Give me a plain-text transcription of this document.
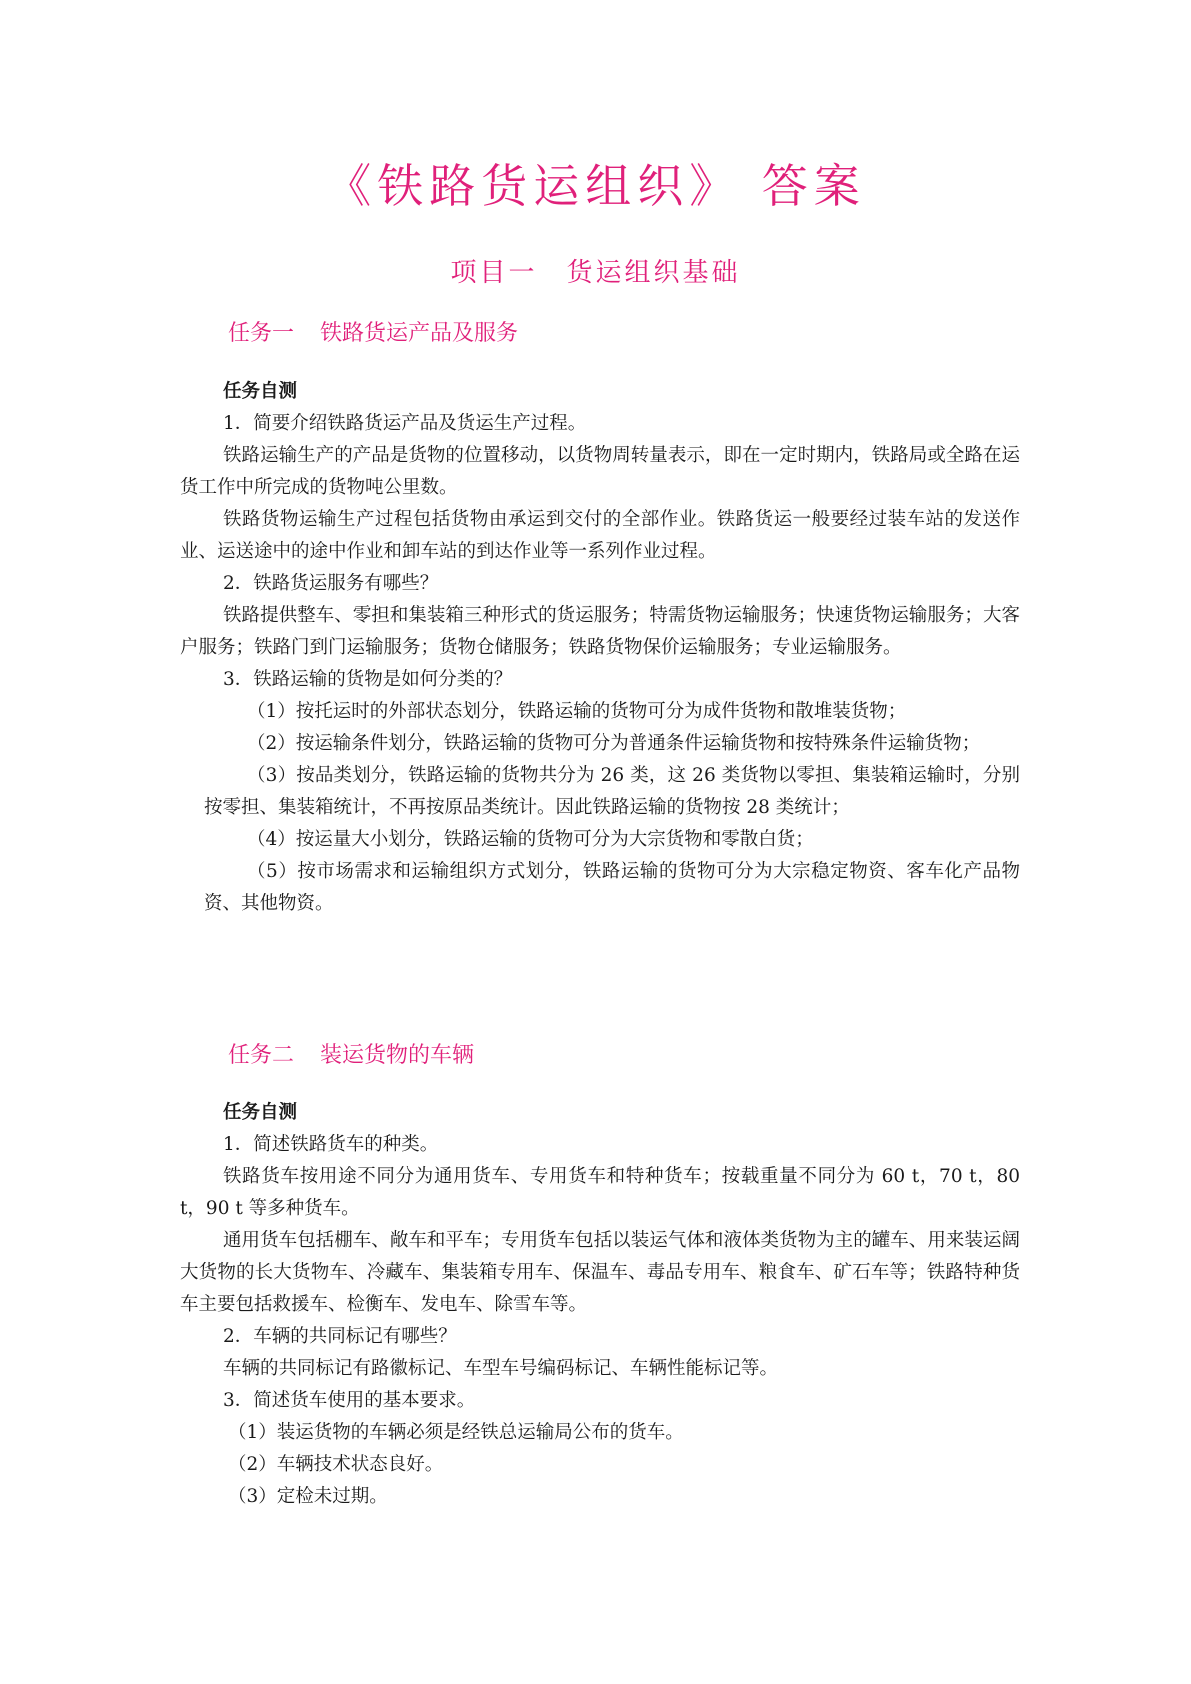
《铁路货运组织》 答案
项目一　货运组织基础
任务一 铁路货运产品及服务

任务自测

1．简要介绍铁路货运产品及货运生产过程。

铁路运输生产的产品是货物的位置移动，以货物周转量表示，即在一定时期内，铁路局或全路在运货工作中所完成的货物吨公里数。

铁路货物运输生产过程包括货物由承运到交付的全部作业。铁路货运一般要经过装车站的发送作业、运送途中的途中作业和卸车站的到达作业等一系列作业过程。

2．铁路货运服务有哪些？

铁路提供整车、零担和集装箱三种形式的货运服务；特需货物运输服务；快速货物运输服务；大客户服务；铁路门到门运输服务；货物仓储服务；铁路货物保价运输服务；专业运输服务。

3．铁路运输的货物是如何分类的？

（1）按托运时的外部状态划分，铁路运输的货物可分为成件货物和散堆装货物；

（2）按运输条件划分，铁路运输的货物可分为普通条件运输货物和按特殊条件运输货物；

（3）按品类划分，铁路运输的货物共分为 26 类，这 26 类货物以零担、集装箱运输时，分别按零担、集装箱统计，不再按原品类统计。因此铁路运输的货物按 28 类统计；

（4）按运量大小划分，铁路运输的货物可分为大宗货物和零散白货；

（5）按市场需求和运输组织方式划分，铁路运输的货物可分为大宗稳定物资、客车化产品物资、其他物资。

任务二 装运货物的车辆

任务自测

1．简述铁路货车的种类。

铁路货车按用途不同分为通用货车、专用货车和特种货车；按载重量不同分为 60 t，70 t，80 t，90 t 等多种货车。

通用货车包括棚车、敞车和平车；专用货车包括以装运气体和液体类货物为主的罐车、用来装运阔大货物的长大货物车、冷藏车、集装箱专用车、保温车、毒品专用车、粮食车、矿石车等；铁路特种货车主要包括救援车、检衡车、发电车、除雪车等。

2．车辆的共同标记有哪些？

车辆的共同标记有路徽标记、车型车号编码标记、车辆性能标记等。

3．简述货车使用的基本要求。

（1）装运货物的车辆必须是经铁总运输局公布的货车。

（2）车辆技术状态良好。

（3）定检未过期。
